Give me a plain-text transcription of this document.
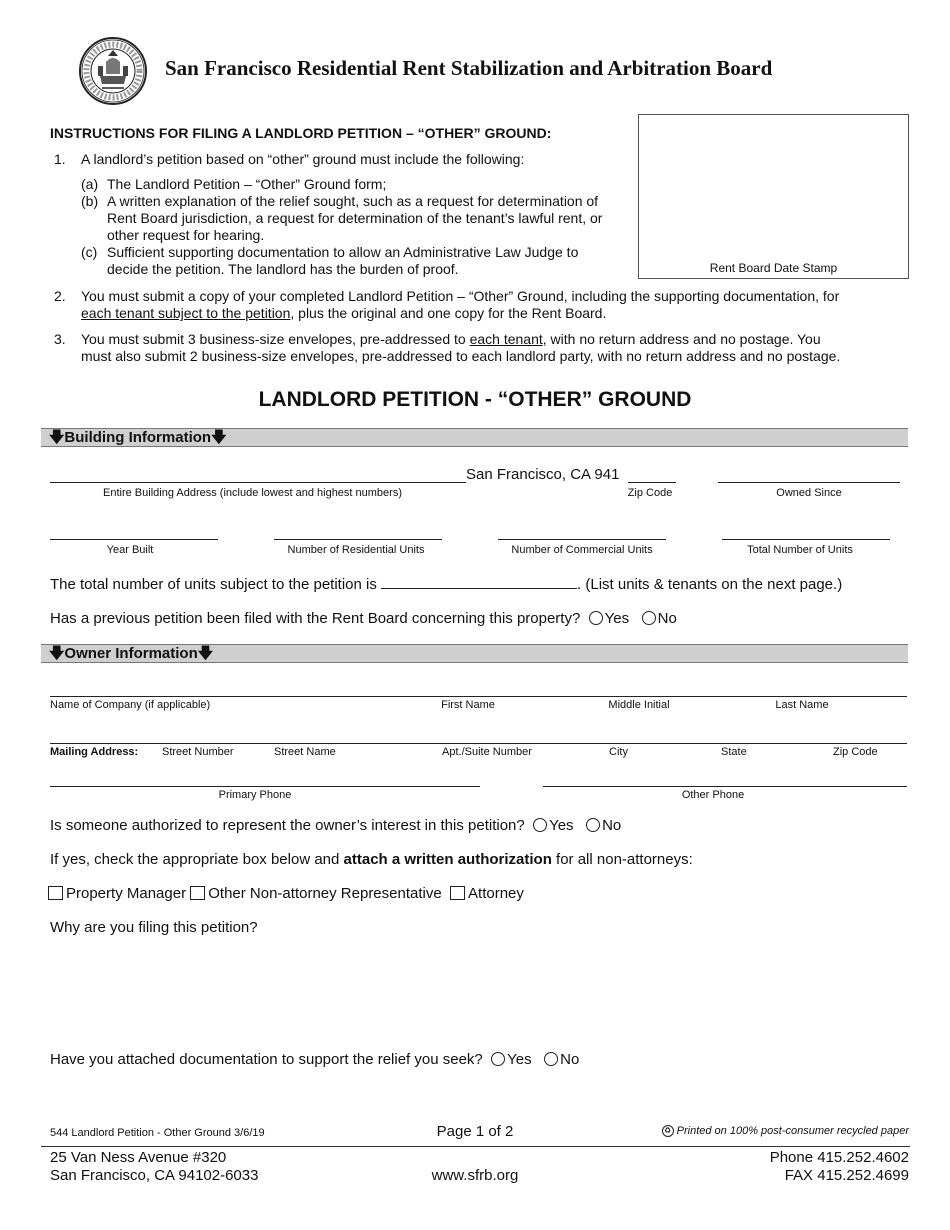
San Francisco Residential Rent Stabilization and Arbitration Board
Rent Board Date Stamp
INSTRUCTIONS FOR FILING A LANDLORD PETITION – “OTHER” GROUND:
1. A landlord’s petition based on “other” ground must include the following:
(a) The Landlord Petition – “Other” Ground form;
(b) A written explanation of the relief sought, such as a request for determination of
Rent Board jurisdiction, a request for determination of the tenant’s lawful rent, or
other request for hearing.
(c) Sufficient supporting documentation to allow an Administrative Law Judge to
decide the petition. The landlord has the burden of proof.
2. You must submit a copy of your completed Landlord Petition – “Other” Ground, including the supporting documentation, for
each tenant subject to the petition, plus the original and one copy for the Rent Board.
3. You must submit 3 business-size envelopes, pre-addressed to each tenant, with no return address and no postage. You
must also submit 2 business-size envelopes, pre-addressed to each landlord party, with no return address and no postage.
LANDLORD PETITION - “OTHER” GROUND
🡇Building Information🡇
San Francisco, CA 941
Entire Building Address (include lowest and highest numbers)	Zip Code	Owned Since
Year Built	Number of Residential Units	Number of Commercial Units	Total Number of Units
The total number of units subject to the petition is	. (List units & tenants on the next page.)
Has a previous petition been filed with the Rent Board concerning this property? Yes No
🡇Owner Information🡇
Name of Company (if applicable)	First Name	Middle Initial	Last Name
Mailing Address: Street Number	Street Name	Apt./Suite Number	City	State	Zip Code
Primary Phone	Other Phone
Is someone authorized to represent the owner’s interest in this petition? Yes No
If yes, check the appropriate box below and attach a written authorization for all non-attorneys:
Property Manager Other Non-attorney Representative Attorney
Why are you filing this petition?
Have you attached documentation to support the relief you seek? Yes No
544 Landlord Petition - Other Ground 3/6/19	Page 1 of 2	♻ Printed on 100% post-consumer recycled paper
25 Van Ness Avenue #320
San Francisco, CA 94102-6033	www.sfrb.org
Phone 415.252.4602
FAX 415.252.4699
